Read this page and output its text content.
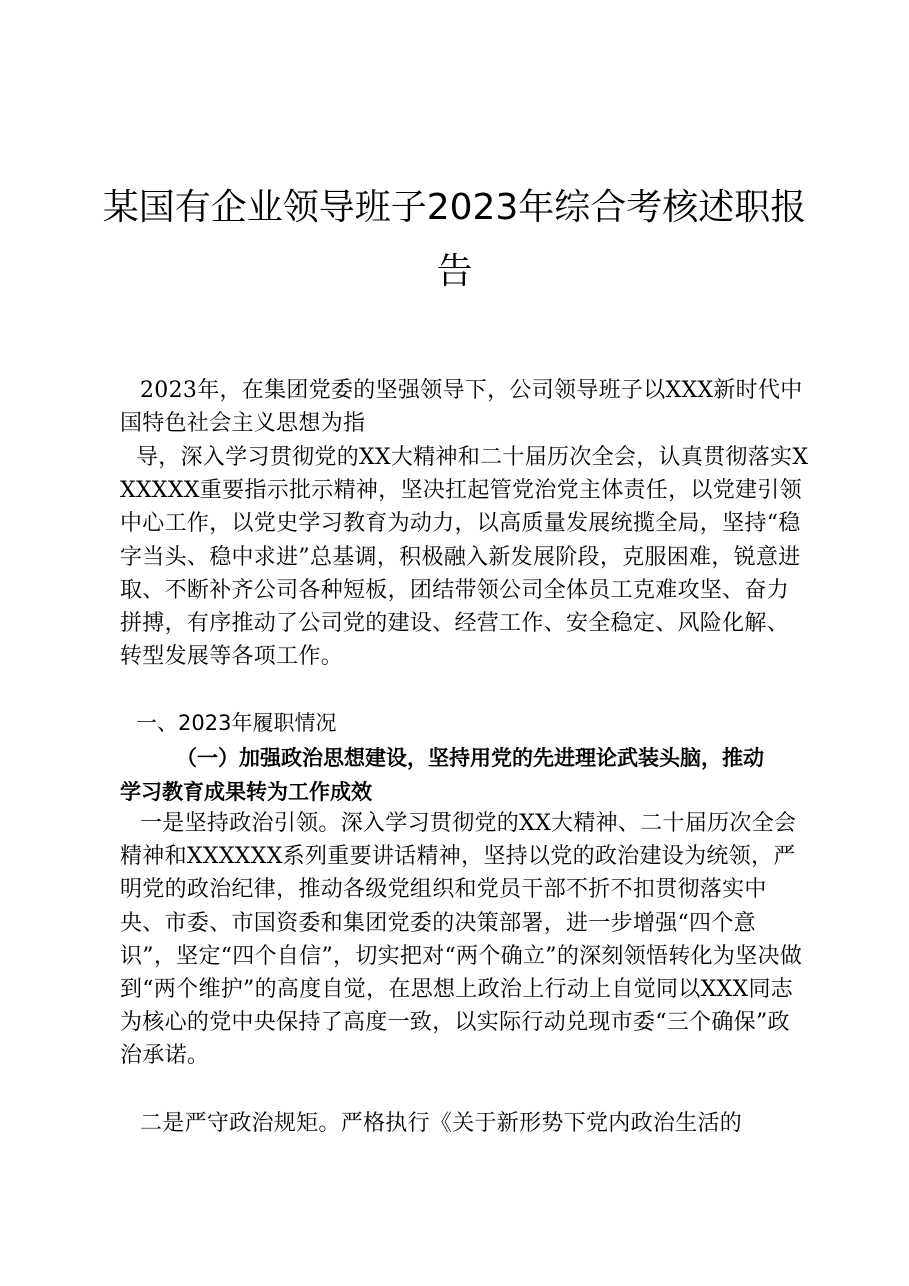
某国有企业领导班子2023年综合考核述职报
告
2023年，在集团党委的坚强领导下，公司领导班子以XXX新时代中国特色社会主义思想为指
导，深入学习贯彻党的XX大精神和二十届历次全会，认真贯彻落实XXXXXX重要指示批示精神，坚决扛起管党治党主体责任，以党建引领中心工作，以党史学习教育为动力，以高质量发展统揽全局，坚持“稳字当头、稳中求进”总基调，积极融入新发展阶段，克服困难，锐意进取、不断补齐公司各种短板，团结带领公司全体员工克难攻坚、奋力拼搏，有序推动了公司党的建设、经营工作、安全稳定、风险化解、转型发展等各项工作。
一、2023年履职情况
（一）加强政治思想建设，坚持用党的先进理论武装头脑，推动学习教育成果转为工作成效
一是坚持政治引领。深入学习贯彻党的XX大精神、二十届历次全会精神和XXXXXX系列重要讲话精神，坚持以党的政治建设为统领，严明党的政治纪律，推动各级党组织和党员干部不折不扣贯彻落实中央、市委、市国资委和集团党委的决策部署，进一步增强“四个意识”，坚定“四个自信”，切实把对“两个确立”的深刻领悟转化为坚决做到“两个维护”的高度自觉，在思想上政治上行动上自觉同以XXX同志为核心的党中央保持了高度一致，以实际行动兑现市委“三个确保”政治承诺。
二是严守政治规矩。严格执行《关于新形势下党内政治生活的
